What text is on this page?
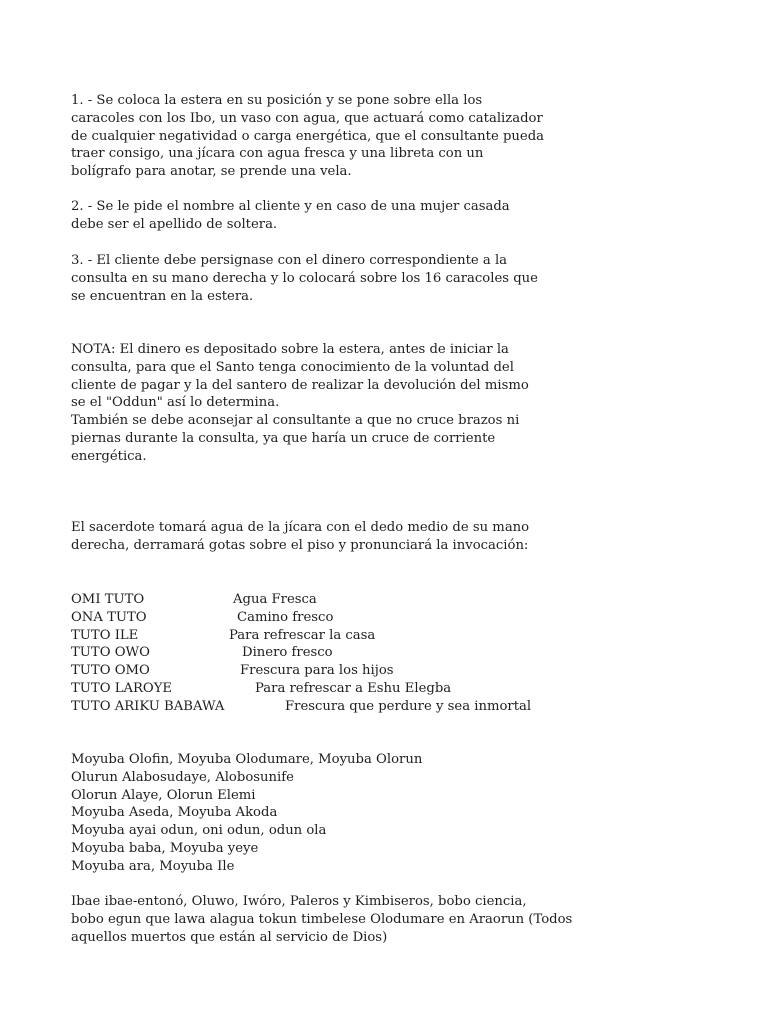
1. - Se coloca la estera en su posición y se pone sobre ella los
caracoles con los Ibo, un vaso con agua, que actuará como catalizador
de cualquier negatividad o carga energética, que el consultante pueda
traer consigo, una jícara con agua fresca y una libreta con un
bolígrafo para anotar, se prende una vela.
2. - Se le pide el nombre al cliente y en caso de una mujer casada
debe ser el apellido de soltera.
3. - El cliente debe persignase con el dinero correspondiente a la
consulta en su mano derecha y lo colocará sobre los 16 caracoles que
se encuentran en la estera.
NOTA: El dinero es depositado sobre la estera, antes de iniciar la
consulta, para que el Santo tenga conocimiento de la voluntad del
cliente de pagar y la del santero de realizar la devolución del mismo
se el "Oddun" así lo determina.
También se debe aconsejar al consultante a que no cruce brazos ni
piernas durante la consulta, ya que haría un cruce de corriente
energética.
El sacerdote tomará agua de la jícara con el dedo medio de su mano
derecha, derramará gotas sobre el piso y pronunciará la invocación:
OMI TUTO	Agua Fresca
ONA TUTO	Camino fresco
TUTO ILE	Para refrescar la casa
TUTO OWO	Dinero fresco
TUTO OMO	Frescura para los hijos
TUTO LAROYE	Para refrescar a Eshu Elegba
TUTO ARIKU BABAWA	Frescura que perdure y sea inmortal
Moyuba Olofin, Moyuba Olodumare, Moyuba Olorun
Olurun Alabosudaye, Alobosunife
Olorun Alaye, Olorun Elemi
Moyuba Aseda, Moyuba Akoda
Moyuba ayai odun, oni odun, odun ola
Moyuba baba, Moyuba yeye
Moyuba ara, Moyuba Ile
Ibae ibae-entonó, Oluwo, Iwóro, Paleros y Kimbiseros, bobo ciencia,
bobo egun que lawa alagua tokun timbelese Olodumare en Araorun (Todos
aquellos muertos que están al servicio de Dios)
